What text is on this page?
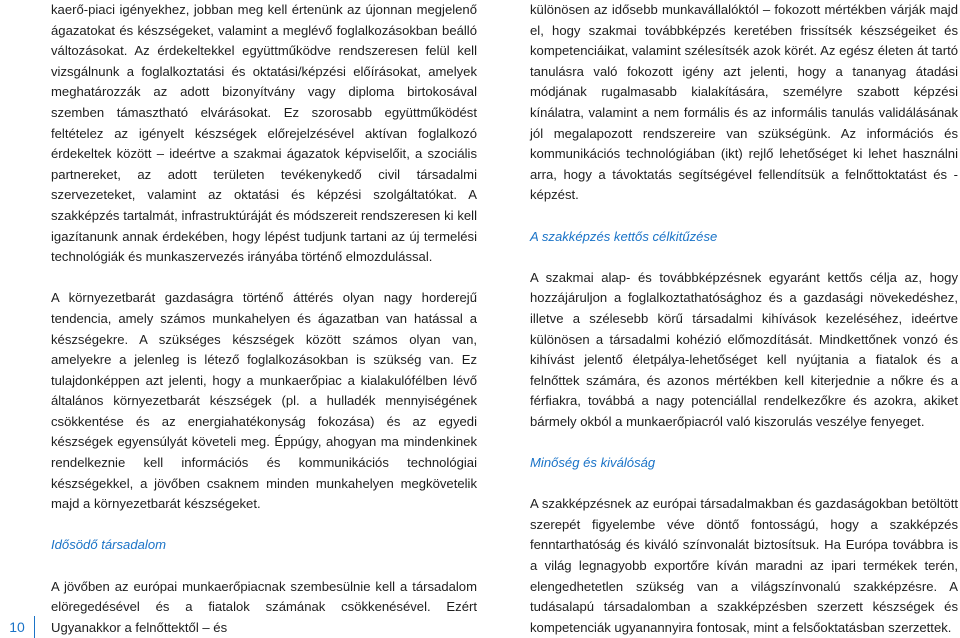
kaerő-piaci igényekhez, jobban meg kell értenünk az újonnan megjelenő ágazatokat és készségeket, valamint a meglévő foglalkozásokban beálló változásokat. Az érdekeltekkel együttműködve rendszeresen felül kell vizsgálnunk a foglalkoztatási és oktatási/képzési előírásokat, amelyek meghatározzák az adott bizonyítvány vagy diploma birtokosával szemben támasztható elvárásokat. Ez szorosabb együttműködést feltételez az igényelt készségek előrejelzésével aktívan foglalkozó érdekeltek között – ideértve a szakmai ágazatok képviselőit, a szociális partnereket, az adott területen tevékenykedő civil társadalmi szervezeteket, valamint az oktatási és képzési szolgáltatókat. A szakképzés tartalmát, infrastruktúráját és módszereit rendszeresen ki kell igazítanunk annak érdekében, hogy lépést tudjunk tartani az új termelési technológiák és munkaszervezés irányába történő elmozdulással.

A környezetbarát gazdaságra történő áttérés olyan nagy horderejű tendencia, amely számos munkahelyen és ágazatban van hatással a készségekre. A szükséges készségek között számos olyan van, amelyekre a jelenleg is létező foglalkozásokban is szükség van. Ez tulajdonképpen azt jelenti, hogy a munkaerőpiac a kialakulófélben lévő általános környezetbarát készségek (pl. a hulladék mennyiségének csökkentése és az energiahatékonyság fokozása) és az egyedi készségek egyensúlyát követeli meg. Éppúgy, ahogyan ma mindenkinek rendelkeznie kell információs és kommunikációs technológiai készségekkel, a jövőben csaknem minden munkahelyen megkövetelik majd a környezetbarát készségeket.

Idősödő társadalom

A jövőben az európai munkaerőpiacnak szembesülnie kell a társadalom elöregedésével és a fiatalok számának csökkenésével. Ezért Ugyanakkor a felnőttektől – és

különösen az idősebb munkavállalóktól – fokozott mértékben várják majd el, hogy szakmai továbbképzés keretében frissítsék készségeiket és kompetenciáikat, valamint szélesítsék azok körét. Az egész életen át tartó tanulásra való fokozott igény azt jelenti, hogy a tananyag átadási módjának rugalmasabb kialakítására, személyre szabott képzési kínálatra, valamint a nem formális és az informális tanulás validálásának jól megalapozott rendszereire van szükségünk. Az információs és kommunikációs technológiában (ikt) rejlő lehetőséget ki lehet használni arra, hogy a távoktatás segítségével fellendítsük a felnőttoktatást és -képzést.

A szakképzés kettős célkitűzése

A szakmai alap- és továbbképzésnek egyaránt kettős célja az, hogy hozzájáruljon a foglalkoztathatósághoz és a gazdasági növekedéshez, illetve a szélesebb körű társadalmi kihívások kezeléséhez, ideértve különösen a társadalmi kohézió előmozdítását. Mindkettőnek vonzó és kihívást jelentő életpálya-lehetőséget kell nyújtania a fiatalok és a felnőttek számára, és azonos mértékben kell kiterjednie a nőkre és a férfiakra, továbbá a nagy potenciállal rendelkezőkre és azokra, akiket bármely okból a munkaerőpiacról való kiszorulás veszélye fenyeget.

Minőség és kiválóság

A szakképzésnek az európai társadalmakban és gazdaságokban betöltött szerepét figyelembe véve döntő fontosságú, hogy a szakképzés fenntarthatóság és kiváló színvonalát biztosítsuk. Ha Európa továbbra is a világ legnagyobb exportőre kíván maradni az ipari termékek terén, elengedhetetlen szükség van a világszínvonalú szakképzésre. A tudásalapú társadalomban a szakképzésben szerzett készségek és kompetenciák ugyanannyira fontosak, mint a felsőoktatásban szerzettek.

10
